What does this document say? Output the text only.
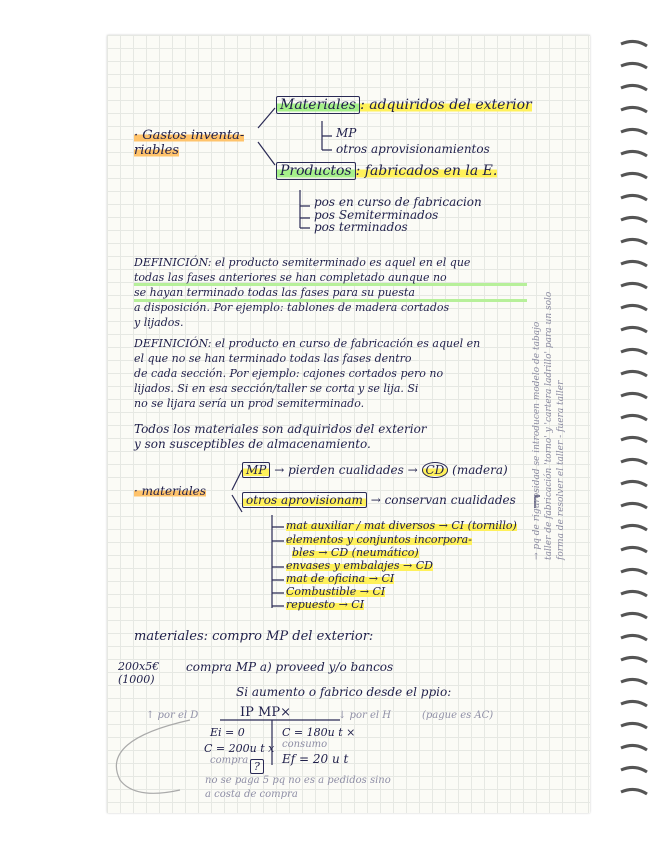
· Gastos inventa- riables
Materiales : adquiridos del exterior
MP
otros aprovisionamientos
Productos : fabricados en la E.
pos en curso de fabricacion
pos Semiterminados
pos terminados
DEFINICIÓN: el producto semiterminado es aquel en el que
todas las fases anteriores se han completado aunque no
se hayan terminado todas las fases para su puesta
a disposición. Por ejemplo: tablones de madera cortados
y lijados.
DEFINICIÓN: el producto en curso de fabricación es aquel en
el que no se han terminado todas las fases dentro
de cada sección. Por ejemplo: cajones cortados pero no
lijados. Si en esa sección/taller se corta y se lija. Si
no se lijara sería un prod semiterminado.
Todos los materiales son adquiridos del exterior
y son susceptibles de almacenamiento.
· materiales
MP → pierden cualidades → CD (madera)
otros aprovisionam → conservan cualidades
mat auxiliar / mat diversos → CI (tornillo)
elementos y conjuntos incorpora-
bles → CD (neumático)
envases y embalajes → CD
mat de oficina → CI
Combustible → CI
repuesto → CI
materiales: compro MP del exterior:
200x5€
(1000)
compra MP a) proveed y/o bancos
Si aumento o fabrico desde el ppio:
↑ por el D	IP MP×	↓ por el H	(pague es AC)
Ei = 0
C = 200u t x
compra
C = 180u t ×
consumo
Ef = 20 u t
?
no se paga 5 pq no es a pedidos sino
a costa de compra
→ pq de rigurosidad se introducen modelo de tabajo taller de fabricación 'torno' y 'cartera ladrillo' para un solo forma de resolver el taller - fuera taller
